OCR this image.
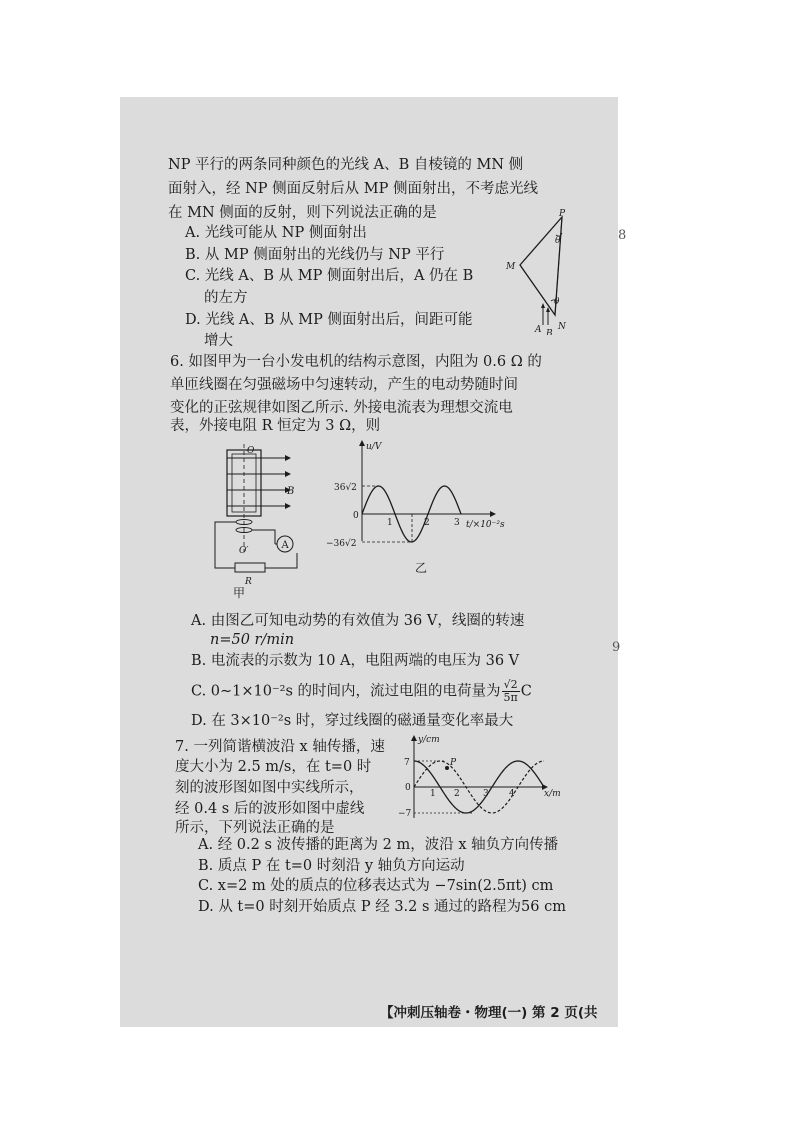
NP 平行的两条同种颜色的光线 A、B 自棱镜的 MN 侧
面射入，经 NP 侧面反射后从 MP 侧面射出，不考虑光线
在 MN 侧面的反射，则下列说法正确的是
A. 光线可能从 NP 侧面射出
B. 从 MP 侧面射出的光线仍与 NP 平行
C. 光线 A、B 从 MP 侧面射出后，A 仍在 B
的左方
D. 光线 A、B 从 MP 侧面射出后，间距可能
增大
P
M
N
θ
θ
A B
6. 如图甲为一台小发电机的结构示意图，内阻为 0.6 Ω 的
单匝线圈在匀强磁场中匀速转动，产生的电动势随时间
变化的正弦规律如图乙所示. 外接电流表为理想交流电
表，外接电阻 R 恒定为 3 Ω，则
A
O
O′
B
R
甲
u/V
36√2
−36√2
0
1	2	3 t/×10⁻²s
乙
A. 由图乙可知电动势的有效值为 36 V，线圈的转速
n=50 r/min
B. 电流表的示数为 10 A，电阻两端的电压为 36 V
C. 0∼1×10⁻²s 的时间内，流过电阻的电荷量为 $\frac{√2}{5\pi}$ C
D. 在 3×10⁻²s 时，穿过线圈的磁通量变化率最大
7. 一列简谐横波沿 x 轴传播，速
度大小为 2.5 m/s，在 t=0 时
刻的波形图如图中实线所示，
经 0.4 s 后的波形如图中虚线
所示，下列说法正确的是
P
y/cm
7
−7
0
1 2	3 4	x/m
A. 经 0.2 s 波传播的距离为 2 m，波沿 x 轴负方向传播
B. 质点 P 在 t=0 时刻沿 y 轴负方向运动
C. x=2 m 处的质点的位移表达式为 −7sin(2.5πt) cm
D. 从 t=0 时刻开始质点 P 经 3.2 s 通过的路程为56 cm
8
9
【冲刺压轴卷・物理(一) 第 2 页(共
